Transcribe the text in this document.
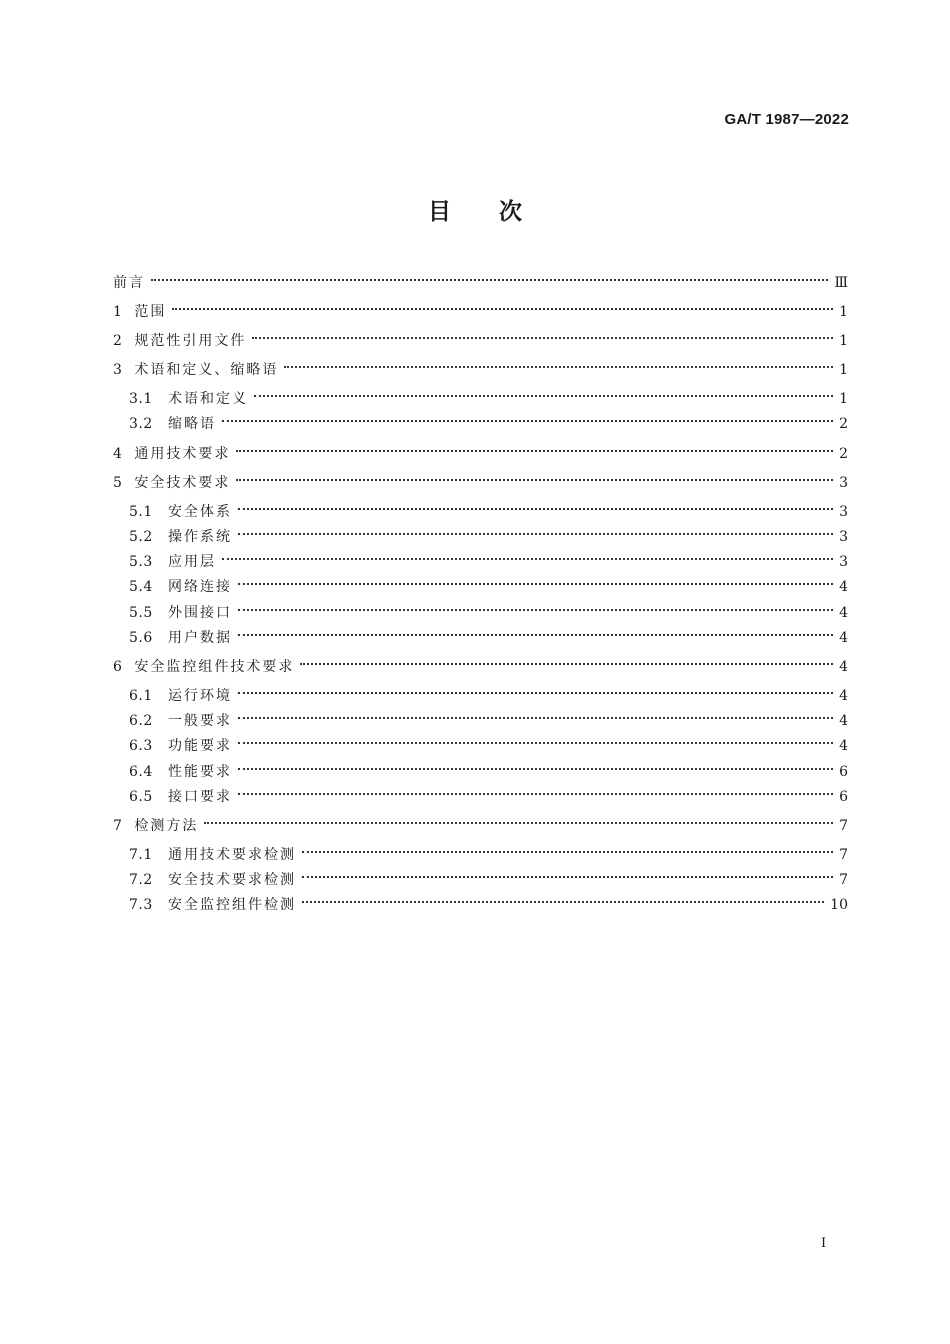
GA/T 1987—2022
目次
前言	Ⅲ
1 范围	1
2 规范性引用文件	1
3 术语和定义、缩略语	1
3.1	术语和定义	1
3.2	缩略语	2
4 通用技术要求	2
5 安全技术要求	3
5.1	安全体系	3
5.2	操作系统	3
5.3	应用层	3
5.4	网络连接	4
5.5	外围接口	4
5.6	用户数据	4
6 安全监控组件技术要求	4
6.1	运行环境	4
6.2	一般要求	4
6.3	功能要求	4
6.4	性能要求	6
6.5	接口要求	6
7 检测方法	7
7.1	通用技术要求检测	7
7.2	安全技术要求检测	7
7.3	安全监控组件检测	10
I
